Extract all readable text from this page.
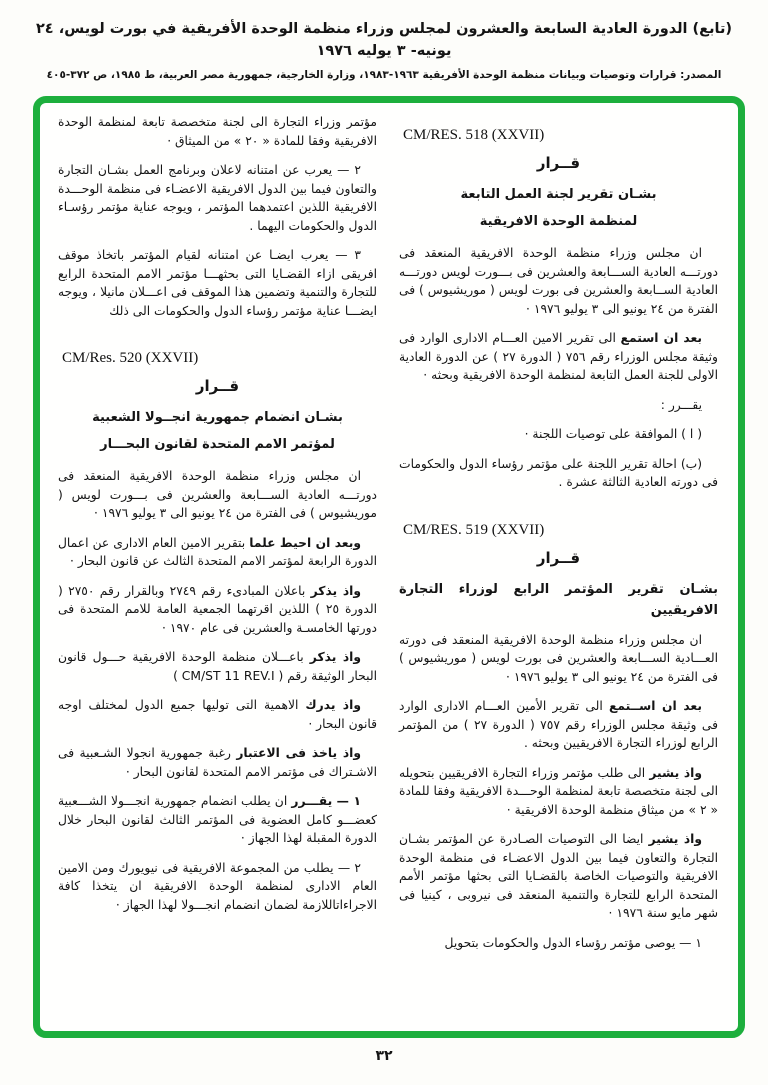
(تابع) الدورة العادية السابعة والعشرون لمجلس وزراء منظمة الوحدة الأفريقية في بورت لويس، ٢٤ يونيه- ٣ يوليه ١٩٧٦
المصدر: قرارات وتوصيات وبيانات منظمة الوحدة الأفريقية ١٩٦٣-١٩٨٣، وزارة الخارجية، جمهورية مصر العربية، ط ١٩٨٥، ص ٣٧٢-٤٠٥
CM/RES. 518 (XXVII)
قــرار
بشـان تقرير لجنة العمل التابعة
لمنظمة الوحدة الافريقية

ان مجلس وزراء منظمة الوحدة الافريقية المنعقد فى دورتـــه العادية الســـابعة والعشرين فى بـــورت لويس دورتـــه العادية الســابعة والعشرين فى بورت لويس ( موريشيوس ) فى الفترة من ٢٤ يونيو الى ٣ يوليو ١٩٧٦ ·

بعد ان استمع الى تقرير الامين العـــام الادارى الوارد فى وثيقة مجلس الوزراء رقم ٧٥٦ ( الدورة ٢٧ ) عن الدورة العادية الاولى للجنة العمل التابعة لمنظمة الوحدة الافريقية وبحثه ·

يقـــرر :

( ا ) الموافقة على توصيات اللجنة ·

(ب) احالة تقرير اللجنة على مؤتمر رؤساء الدول والحكومات فى دورته العادية الثالثة عشرة .

CM/RES. 519 (XXVII)
قــرار
بشـان تقرير المؤتمر الرابع لوزراء التجارة الافريقيين

ان مجلس وزراء منظمة الوحدة الافريقية المنعقد فى دورته العـــادية الســـابعة والعشرين فى بورت لويس ( موريشيوس ) فى الفترة من ٢٤ يونيو الى ٣ يوليو ١٩٧٦ ·

بعد ان اســتمع الى تقرير الأمين العـــام الادارى الوارد فى وثيقة مجلس الوزراء رقم ٧٥٧ ( الدورة ٢٧ ) من المؤتمر الرابع لوزراء التجارة الافريقيين وبحثه .

واذ يشير الى طلب مؤتمر وزراء التجارة الافريقيين بتحويله الى لجنة متخصصة تابعة لمنظمة الوحـــدة الافريقية وفقا للمادة « ٢ » من ميثاق منظمة الوحدة الافريقية ·

واذ يشير ايضا الى التوصيات الصـادرة عن المؤتمر بشـان التجارة والتعاون فيما بين الدول الاعضـاء فى منظمة الوحدة الافريقية والتوصيات الخاصة بالقضـايا التى بحثها مؤتمر الأمم المتحدة الرابع للتجارة والتنمية المنعقد فى نيروبى ، كينيا فى شهر مايو سنة ١٩٧٦ ·

١ — يوصى مؤتمر رؤساء الدول والحكومات بتحويل

مؤتمر وزراء التجارة الى لجنة متخصصة تابعة لمنظمة الوحدة الافريقية وفقا للمادة « ٢٠ » من الميثاق ·

٢ — يعرب عن امتنانه لاعلان وبرنامج العمل بشـان التجارة والتعاون فيما بين الدول الافريقية الاعضـاء فى منظمة الوحـــدة الافريقية اللذين اعتمدهما المؤتمر ، ويوجه عناية مؤتمر رؤسـاء الدول والحكومات اليهما .

٣ — يعرب ايضـا عن امتنانه لقيام المؤتمر باتخاذ موقف افريقى ازاء القضـايا التى بحثهـــا مؤتمر الامم المتحدة الرابع للتجارة والتنمية وتضمين هذا الموقف فى اعـــلان مانيلا ، ويوجه ايضـــا عناية مؤتمر رؤساء الدول والحكومات الى ذلك

CM/Res. 520 (XXVII)
قــرار
بشـان انضمام جمهورية انجــولا الشعبية
لمؤتمر الامم المتحدة لقانون البحـــار

ان مجلس وزراء منظمة الوحدة الافريقية المنعقد فى دورتـــه العادية الســـابعة والعشرين فى بـــورت لويس ( موريشيوس ) فى الفترة من ٢٤ يونيو الى ٣ يوليو ١٩٧٦ ·

وبعد ان احيط علما بتقرير الامين العام الادارى عن اعمال الدورة الرابعة لمؤتمر الامم المتحدة الثالث عن قانون البحار ·

واذ يذكر باعلان المبادىء رقم ٢٧٤٩ وبالقرار رقم ٢٧٥٠ ( الدورة ٢٥ ) اللذين اقرتهما الجمعية العامة للامم المتحدة فى دورتها الخامسـة والعشرين فى عام ١٩٧٠ ·

واذ يذكر باعـــلان منظمة الوحدة الافريقية حـــول قانون البحار الوثيقة رقم ( CM/ST 11 REV.I )

واذ يدرك الاهمية التى توليها جميع الدول لمختلف اوجه قانون البحار ·

واذ ياخذ فى الاعتبار رغبة جمهورية انجولا الشـعبية فى الاشـتراك فى مؤتمر الامم المتحدة لقانون البحار ·

١ — يقـــرر ان يطلب انضمام جمهورية انجـــولا الشـــعبية كعضـــو كامل العضوية فى المؤتمر الثالث لقانون البحار خلال الدورة المقبلة لهذا الجهاز ·

٢ — يطلب من المجموعة الافريقية فى نيويورك ومن الامين العام الادارى لمنظمة الوحدة الافريقية ان يتخذا كافة الاجراءاتاللازمة لضمان انضمام انجـــولا لهذا الجهاز ·

٣٢
